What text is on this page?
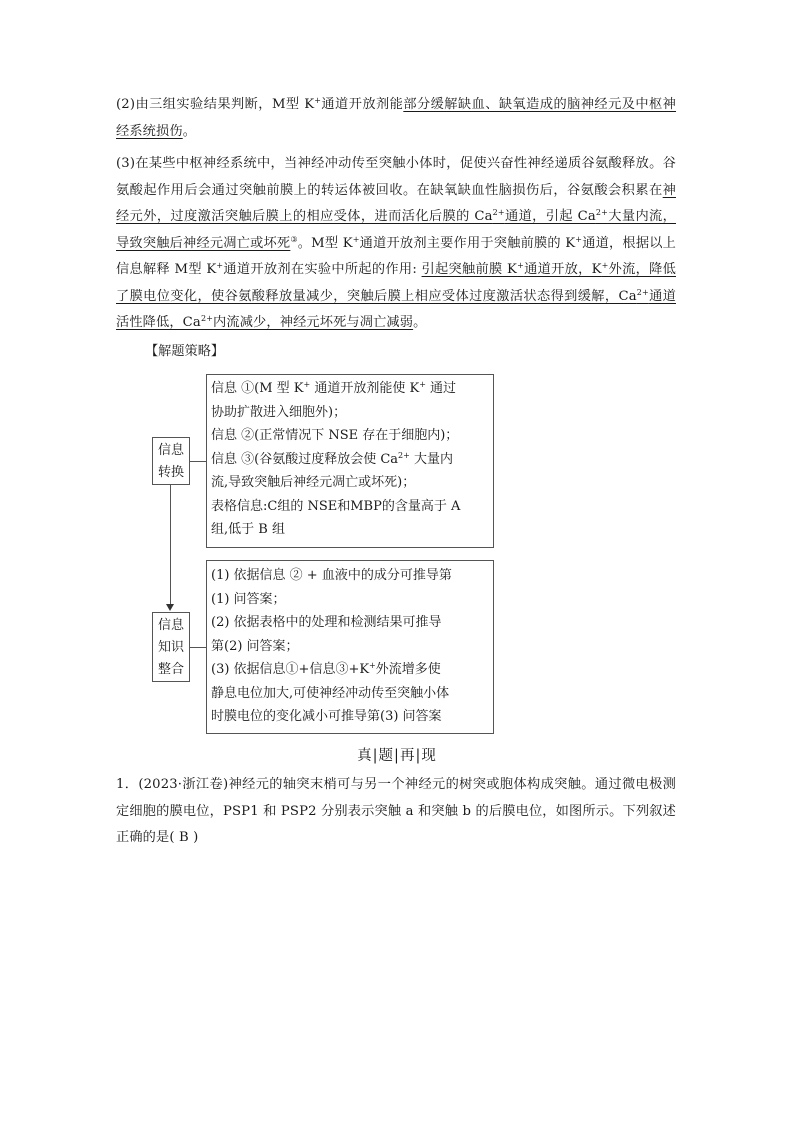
(2)由三组实验结果判断，M型 K+通道开放剂能部分缓解缺血、缺氧造成的脑神经元及中枢神经系统损伤。
(3)在某些中枢神经系统中，当神经冲动传至突触小体时，促使兴奋性神经递质谷氨酸释放。谷氨酸起作用后会通过突触前膜上的转运体被回收。在缺氧缺血性脑损伤后，谷氨酸会积累在神经元外，过度激活突触后膜上的相应受体，进而活化后膜的 $Ca^{2+}$通道，引起 $Ca^{2+}$大量内流，导致突触后神经元凋亡或坏死③。M型 K+通道开放剂主要作用于突触前膜的 K+通道，根据以上信息解释 M型 K+通道开放剂在实验中所起的作用: 引起突触前膜 K+通道开放，K+外流，降低了膜电位变化，使谷氨酸释放量减少，突触后膜上相应受体过度激活状态得到缓解，$Ca^{2+}$通道活性降低，$Ca^{2+}$内流减少，神经元坏死与凋亡减弱。
【解题策略】
信息
转换
信息
知识
整合
信息 ①(M 型 K+ 通道开放剂能使 K+ 通过
协助扩散进入细胞外)；
信息 ②(正常情况下 NSE 存在于细胞内)；
信息 ③(谷氨酸过度释放会使 $Ca^{2+}$ 大量内
流,导致突触后神经元凋亡或坏死)；
表格信息:C组的 NSE和MBP的含量高于 A
组,低于 B 组
(1) 依据信息 ② + 血液中的成分可推导第
(1) 问答案；
(2) 依据表格中的处理和检测结果可推导
第(2) 问答案；
(3) 依据信息①+信息③+K+外流增多使
静息电位加大,可使神经冲动传至突触小体
时膜电位的变化减小可推导第(3) 问答案
真|题|再|现
1．(2023·浙江卷)神经元的轴突末梢可与另一个神经元的树突或胞体构成突触。通过微电极测定细胞的膜电位，PSP1 和 PSP2 分别表示突触 a 和突触 b 的后膜电位，如图所示。下列叙述正确的是( B )
